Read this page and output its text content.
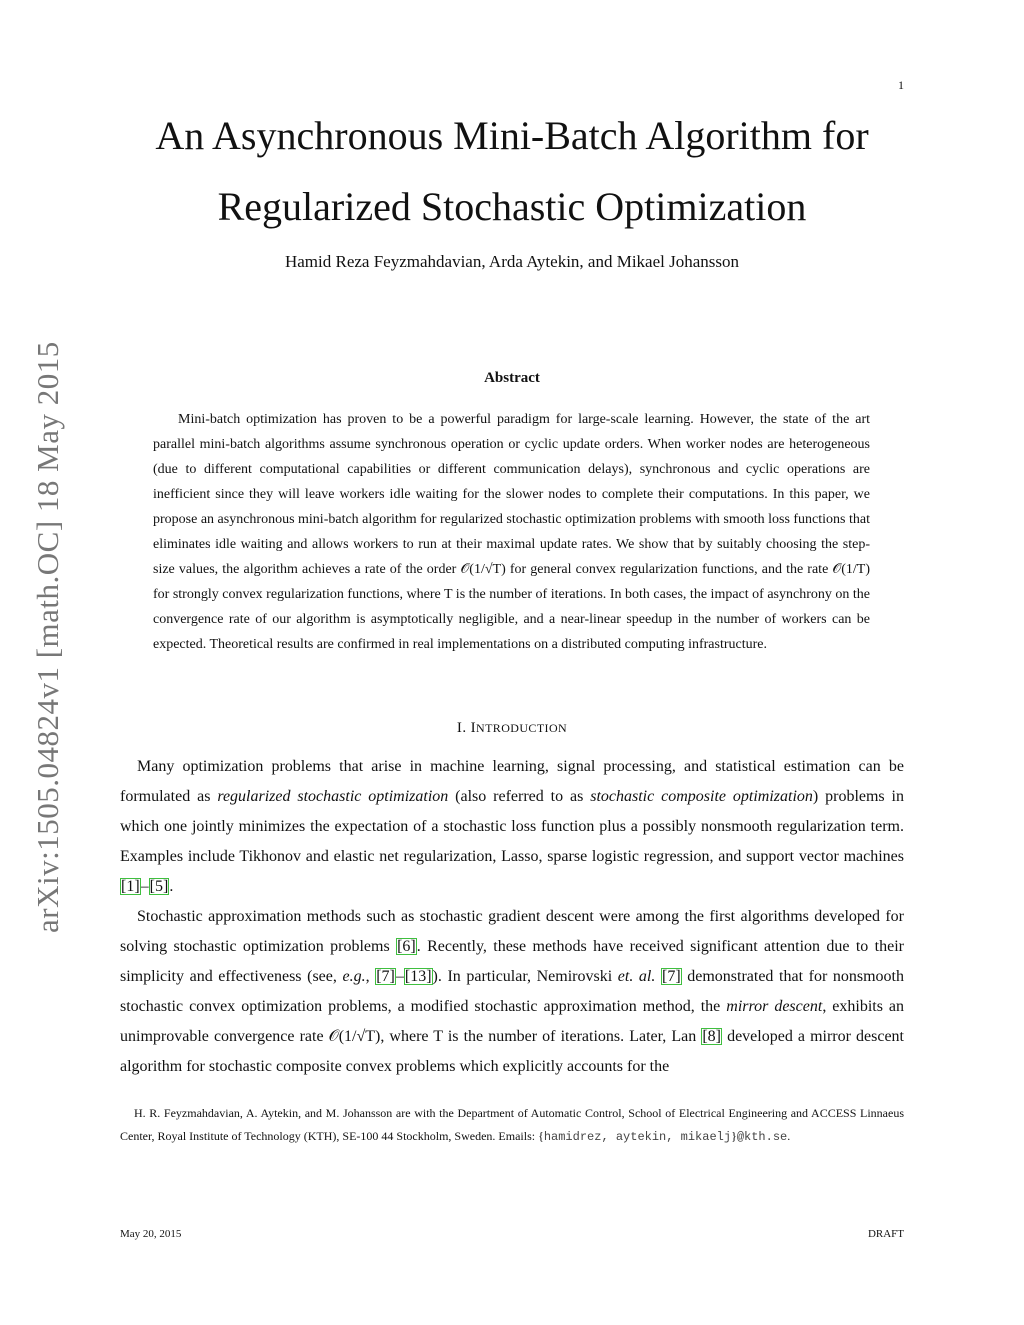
1
arXiv:1505.04824v1 [math.OC] 18 May 2015
An Asynchronous Mini-Batch Algorithm for Regularized Stochastic Optimization
Hamid Reza Feyzmahdavian, Arda Aytekin, and Mikael Johansson
Abstract

Mini-batch optimization has proven to be a powerful paradigm for large-scale learning. However, the state of the art parallel mini-batch algorithms assume synchronous operation or cyclic update orders. When worker nodes are heterogeneous (due to different computational capabilities or different communication delays), synchronous and cyclic operations are inefficient since they will leave workers idle waiting for the slower nodes to complete their computations. In this paper, we propose an asynchronous mini-batch algorithm for regularized stochastic optimization problems with smooth loss functions that eliminates idle waiting and allows workers to run at their maximal update rates. We show that by suitably choosing the step-size values, the algorithm achieves a rate of the order 𝒪(1/√T) for general convex regularization functions, and the rate 𝒪(1/T) for strongly convex regularization functions, where T is the number of iterations. In both cases, the impact of asynchrony on the convergence rate of our algorithm is asymptotically negligible, and a near-linear speedup in the number of workers can be expected. Theoretical results are confirmed in real implementations on a distributed computing infrastructure.

I. INTRODUCTION

Many optimization problems that arise in machine learning, signal processing, and statistical estimation can be formulated as regularized stochastic optimization (also referred to as stochastic composite optimization) problems in which one jointly minimizes the expectation of a stochastic loss function plus a possibly nonsmooth regularization term. Examples include Tikhonov and elastic net regularization, Lasso, sparse logistic regression, and support vector machines [1]–[5].

Stochastic approximation methods such as stochastic gradient descent were among the first algorithms developed for solving stochastic optimization problems [6]. Recently, these methods have received significant attention due to their simplicity and effectiveness (see, e.g., [7]–[13]). In particular, Nemirovski et. al. [7] demonstrated that for nonsmooth stochastic convex optimization problems, a modified stochastic approximation method, the mirror descent, exhibits an unimprovable convergence rate 𝒪(1/√T), where T is the number of iterations. Later, Lan [8] developed a mirror descent algorithm for stochastic composite convex problems which explicitly accounts for the

H. R. Feyzmahdavian, A. Aytekin, and M. Johansson are with the Department of Automatic Control, School of Electrical Engineering and ACCESS Linnaeus Center, Royal Institute of Technology (KTH), SE-100 44 Stockholm, Sweden. Emails: {hamidrez, aytekin, mikaelj}@kth.se.

May 20, 2015	DRAFT
